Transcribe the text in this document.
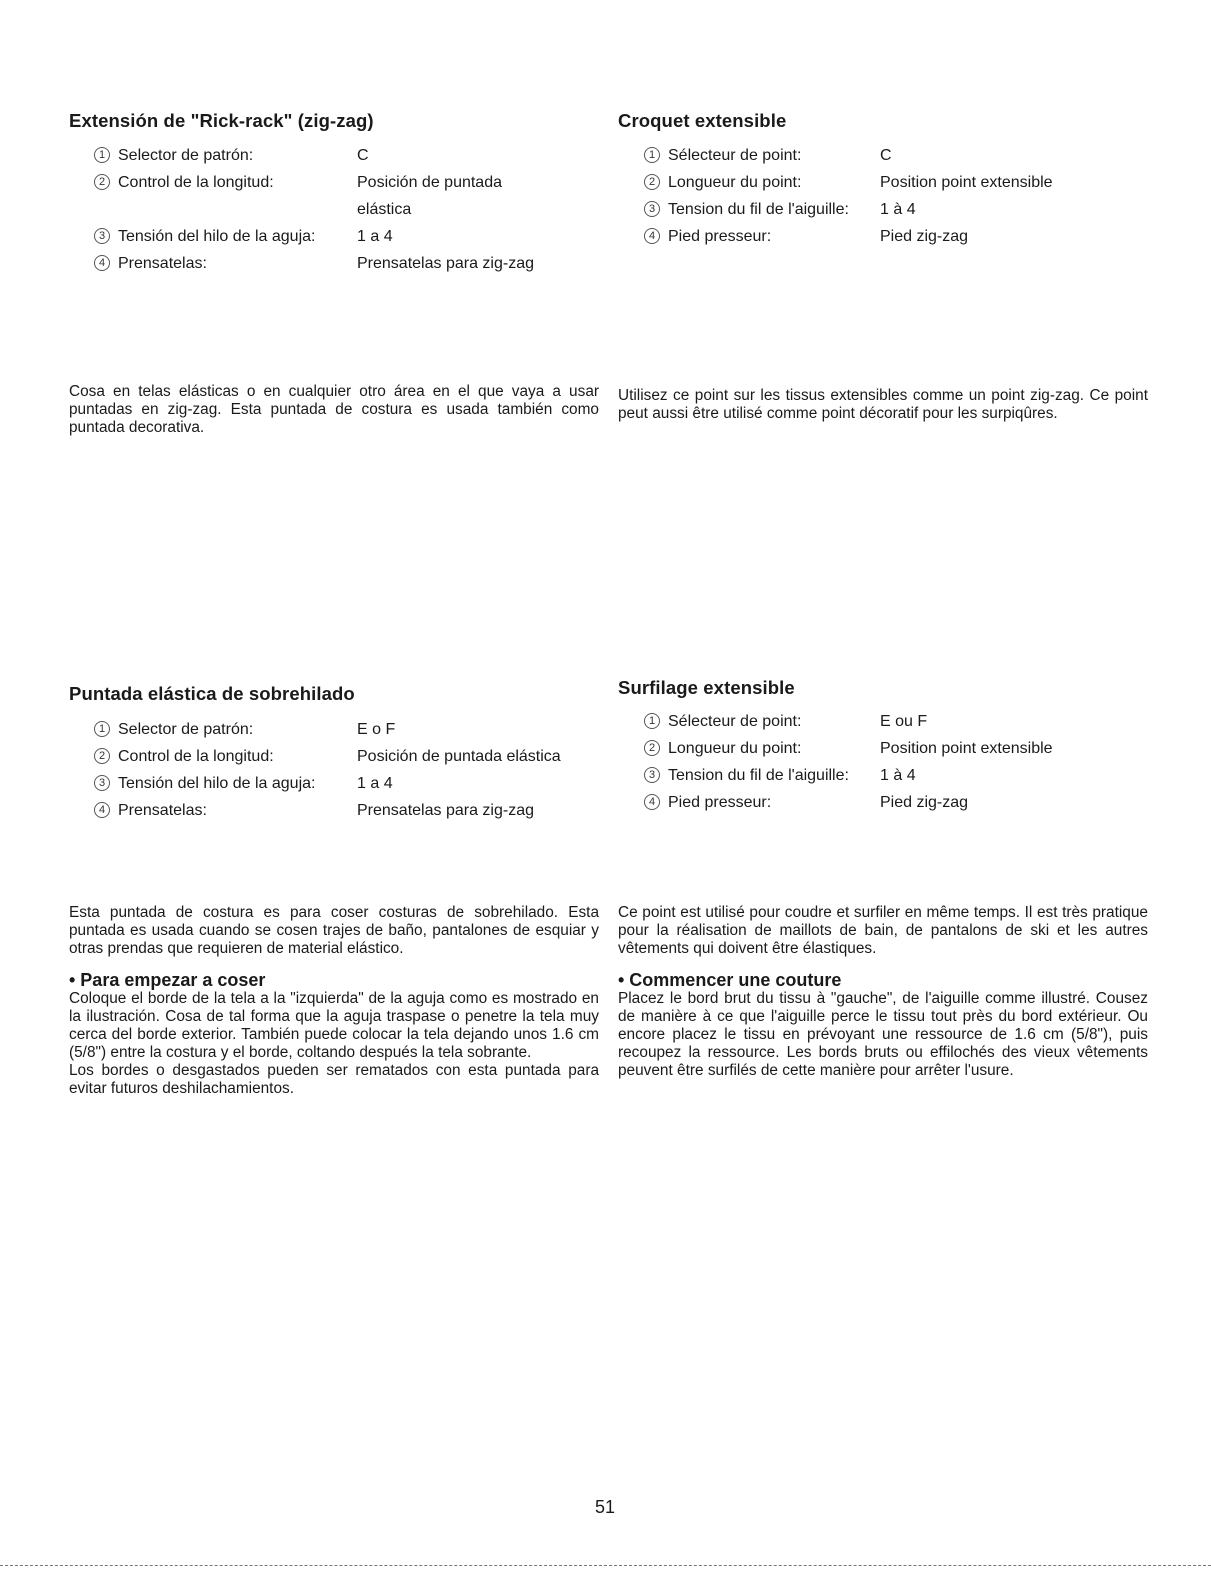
Extensión de "Rick-rack" (zig-zag)
1 Selector de patrón:	C
2 Control de la longitud:	Posición de puntada elástica
3 Tensión del hilo de la aguja:	1 a 4
4 Prensatelas:	Prensatelas para zig-zag
Cosa en telas elásticas o en cualquier otro área en el que vaya a usar puntadas en zig-zag. Esta puntada de costura es usada también como puntada decorativa.
Croquet extensible
1 Sélecteur de point:	C
2 Longueur du point:	Position point extensible
3 Tension du fil de l'aiguille: 1 à 4
4 Pied presseur:	Pied zig-zag
Utilisez ce point sur les tissus extensibles comme un point zig-zag. Ce point peut aussi être utilisé comme point décoratif pour les surpiqûres.
Puntada elástica de sobrehilado
1 Selector de patrón:	E o F
2 Control de la longitud:	Posición de puntada elástica
3 Tensión del hilo de la aguja:	1 a 4
4 Prensatelas:	Prensatelas para zig-zag
Esta puntada de costura es para coser costuras de sobrehilado. Esta puntada es usada cuando se cosen trajes de baño, pantalones de esquiar y otras prendas que requieren de material elástico.
• Para empezar a coser
Coloque el borde de la tela a la "izquierda" de la aguja como es mostrado en la ilustración. Cosa de tal forma que la aguja traspase o penetre la tela muy cerca del borde exterior. También puede colocar la tela dejando unos 1.6 cm (5/8") entre la costura y el borde, coltando después la tela sobrante.
Los bordes o desgastados pueden ser rematados con esta puntada para evitar futuros deshilachamientos.
Surfilage extensible
1 Sélecteur de point:	E ou F
2 Longueur du point:	Position point extensible
3 Tension du fil de l'aiguille: 1 à 4
4 Pied presseur:	Pied zig-zag
Ce point est utilisé pour coudre et surfiler en même temps. Il est très pratique pour la réalisation de maillots de bain, de pantalons de ski et les autres vêtements qui doivent être élastiques.
• Commencer une couture
Placez le bord brut du tissu à "gauche", de l'aiguille comme illustré. Cousez de manière à ce que l'aiguille perce le tissu tout près du bord extérieur. Ou encore placez le tissu en prévoyant une ressource de 1.6 cm (5/8"), puis recoupez la ressource. Les bords bruts ou effilochés des vieux vêtements peuvent être surfilés de cette manière pour arrêter l'usure.
51
